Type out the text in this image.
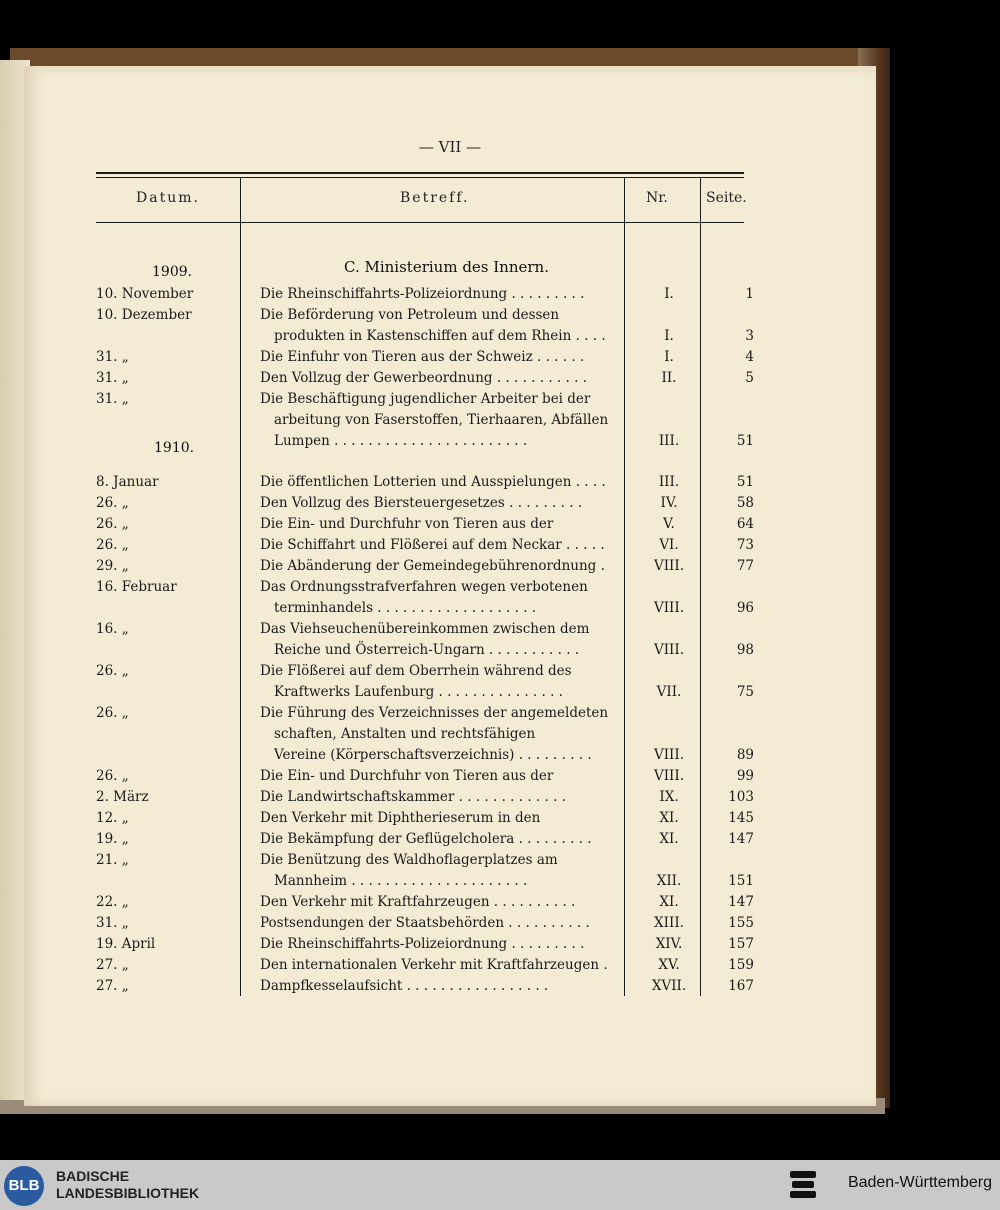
— VII —
Datum.	Betreff.	Nr.	Seite.
C. Ministerium des Innern.
1909.
1910.
10. November	Die Rheinschiffahrts-Polizeiordnung . . . . . . . . .	I.	1
10. Dezember	Die Beförderung von Petroleum und dessen
produkten in Kastenschiffen auf dem Rhein . . . .	I.	3
31. „	Die Einfuhr von Tieren aus der Schweiz . . . . . .	I.	4
31. „	Den Vollzug der Gewerbeordnung . . . . . . . . . . .	II.	5
31. „	Die Beschäftigung jugendlicher Arbeiter bei der
arbeitung von Faserstoffen, Tierhaaren, Abfällen
Lumpen . . . . . . . . . . . . . . . . . . . . . . .	III.	51
8. Januar	Die öffentlichen Lotterien und Ausspielungen . . . .	III.	51
26. „	Den Vollzug des Biersteuergesetzes . . . . . . . . .	IV.	58
26. „	Die Ein- und Durchfuhr von Tieren aus der	V.	64
26. „	Die Schiffahrt und Flößerei auf dem Neckar . . . . .	VI.	73
29. „	Die Abänderung der Gemeindegebührenordnung .	VIII.	77
16. Februar	Das Ordnungsstrafverfahren wegen verbotenen
terminhandels . . . . . . . . . . . . . . . . . . .	VIII.	96
16. „	Das Viehseuchenübereinkommen zwischen dem
Reiche und Österreich-Ungarn . . . . . . . . . . .	VIII.	98
26. „	Die Flößerei auf dem Oberrhein während des
Kraftwerks Laufenburg . . . . . . . . . . . . . . .	VII.	75
26. „	Die Führung des Verzeichnisses der angemeldeten
schaften, Anstalten und rechtsfähigen
Vereine (Körperschaftsverzeichnis) . . . . . . . . .	VIII.	89
26. „	Die Ein- und Durchfuhr von Tieren aus der	VIII.	99
2. März	Die Landwirtschaftskammer . . . . . . . . . . . . .	IX.	103
12. „	Den Verkehr mit Diphtherieserum in den	XI.	145
19. „	Die Bekämpfung der Geflügelcholera . . . . . . . . .	XI.	147
21. „	Die Benützung des Waldhoflagerplatzes am
Mannheim . . . . . . . . . . . . . . . . . . . . .	XII.	151
22. „	Den Verkehr mit Kraftfahrzeugen . . . . . . . . . .	XI.	147
31. „	Postsendungen der Staatsbehörden . . . . . . . . . .	XIII.	155
19. April	Die Rheinschiffahrts-Polizeiordnung . . . . . . . . .	XIV.	157
27. „	Den internationalen Verkehr mit Kraftfahrzeugen .	XV.	159
27. „	Dampfkesselaufsicht . . . . . . . . . . . . . . . . .	XVII.	167
BLB
BADISCHE
LANDESBIBLIOTHEK
Baden-Württemberg
